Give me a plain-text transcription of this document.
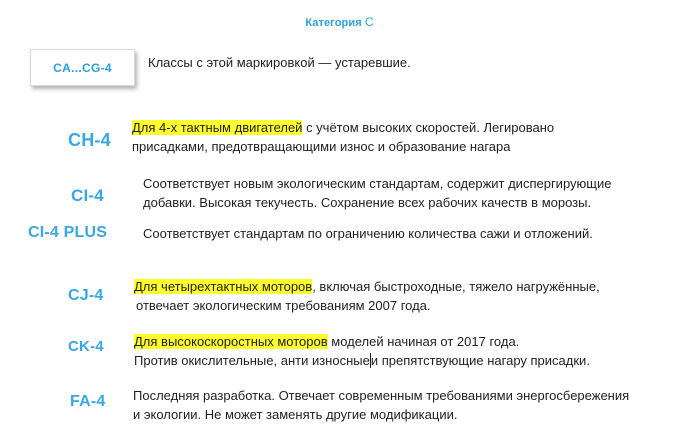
Категория С
CA...CG-4	Классы с этой маркировкой — устаревшие.
CH-4
Для 4-х тактным двигателей с учётом высоких скоростей. Легировано
присадками, предотвращающими износ и образование нагара
CI-4
Соответствует новым экологическим стандартам, содержит диспергирующие
добавки. Высокая текучесть. Сохранение всех рабочих качеств в морозы.
CI-4 PLUS	Соответствует стандартам по ограничению количества сажи и отложений.
CJ-4
Для четырехтактных моторов, включая быстроходные, тяжело нагружённые,
отвечает экологическим требованиям 2007 года.
CK-4 Для высокоскоростных моторов моделей начиная от 2017 года.
Против окислительные, анти износныеи препятствующие нагару присадки.
FA-4 Последняя разработка. Отвечает современным требованиями энергосбережения
и экологии. Не может заменять другие модификации.
